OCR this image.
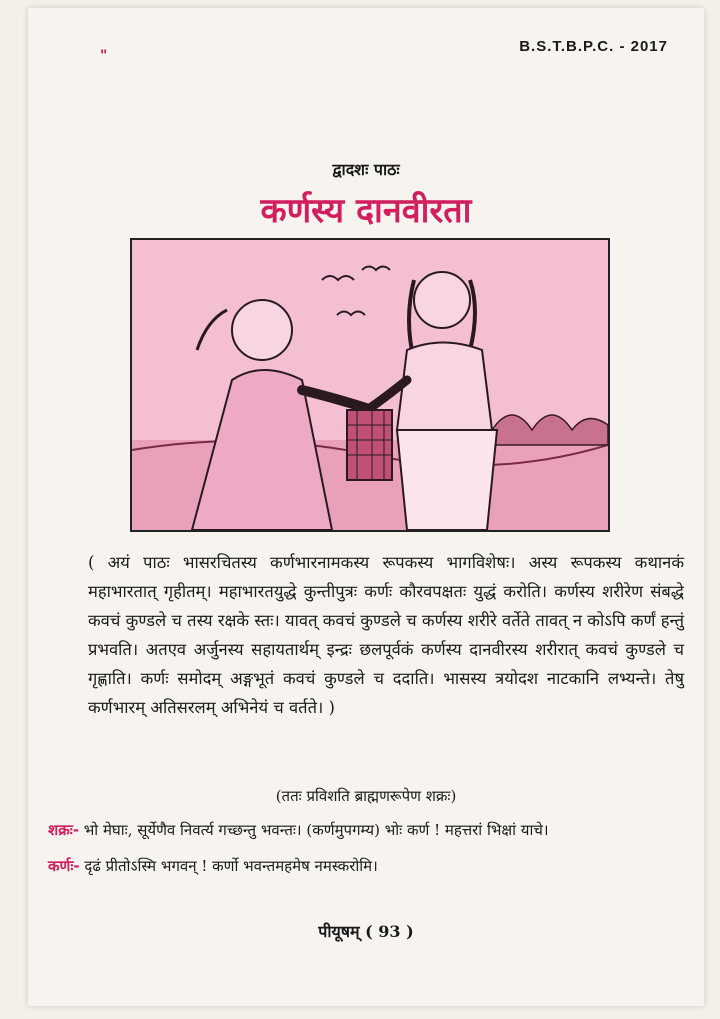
"
B.S.T.B.P.C. - 2017
द्वादशः पाठः
कर्णस्य दानवीरता
( अयं पाठः भासरचितस्य कर्णभारनामकस्य रूपकस्य भागविशेषः। अस्य रूपकस्य कथानकं महाभारतात् गृहीतम्। महाभारतयुद्धे कुन्तीपुत्रः कर्णः कौरवपक्षतः युद्धं करोति। कर्णस्य शरीरेण संबद्धे कवचं कुण्डले च तस्य रक्षके स्तः। यावत् कवचं कुण्डले च कर्णस्य शरीरे वर्तेते तावत् न कोऽपि कर्णं हन्तुं प्रभवति। अतएव अर्जुनस्य सहायतार्थम् इन्द्रः छलपूर्वकं कर्णस्य दानवीरस्य शरीरात् कवचं कुण्डले च गृह्णाति। कर्णः समोदम् अङ्गभूतं कवचं कुण्डले च ददाति। भासस्य त्रयोदश नाटकानि लभ्यन्ते। तेषु कर्णभारम् अतिसरलम् अभिनेयं च वर्तते। )
(ततः प्रविशति ब्राह्मणरूपेण शक्रः)
शक्रः- भो मेघाः, सूर्येणैव निवर्त्य गच्छन्तु भवन्तः। (कर्णमुपगम्य) भोः कर्ण ! महत्तरां भिक्षां याचे।
कर्णः- दृढं प्रीतोऽस्मि भगवन् ! कर्णो भवन्तमहमेष नमस्करोमि।
पीयूषम् ( 93 )
